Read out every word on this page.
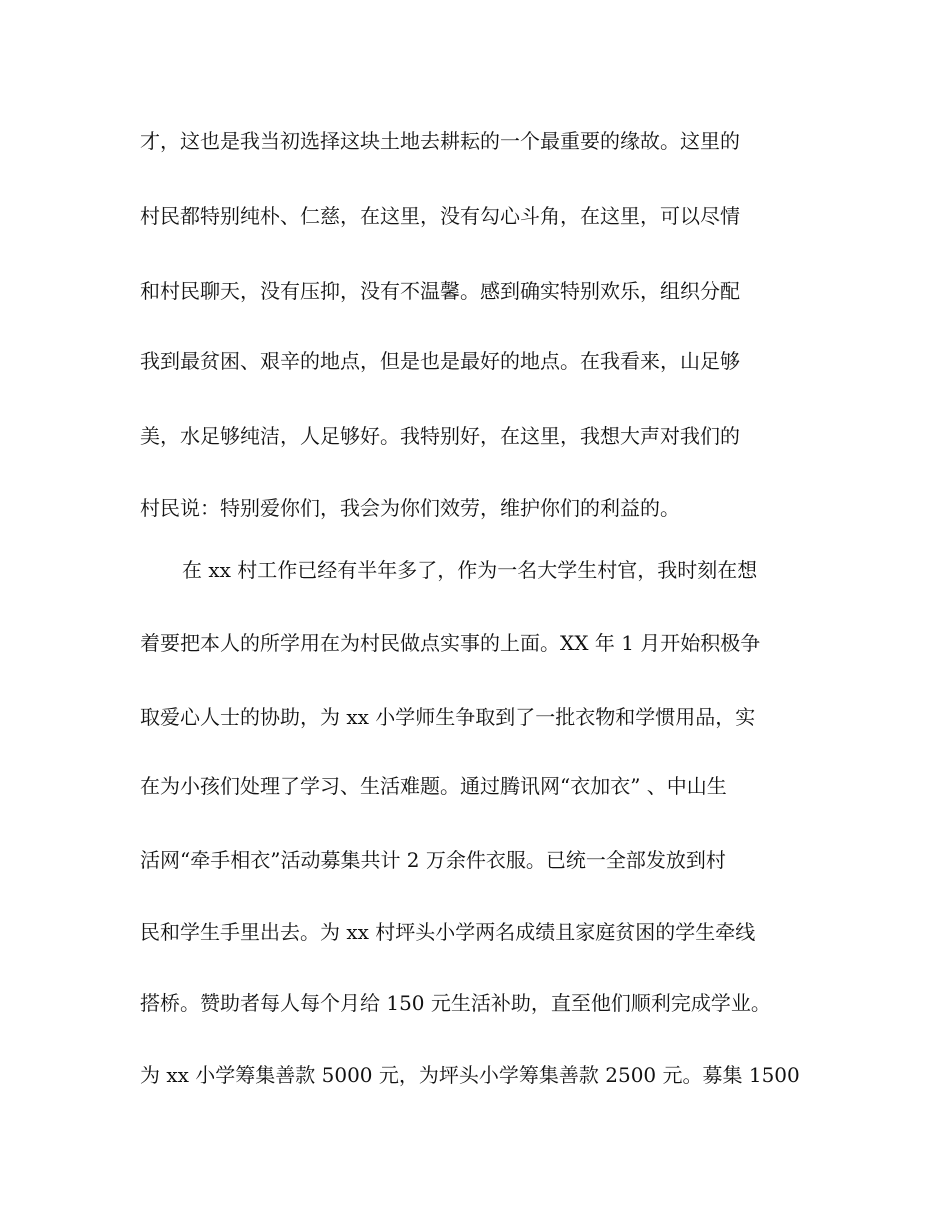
才，这也是我当初选择这块土地去耕耘的一个最重要的缘故。这里的
村民都特别纯朴、仁慈，在这里，没有勾心斗角，在这里，可以尽情
和村民聊天，没有压抑，没有不温馨。感到确实特别欢乐，组织分配
我到最贫困、艰辛的地点，但是也是最好的地点。在我看来，山足够
美，水足够纯洁，人足够好。我特别好，在这里，我想大声对我们的
村民说：特别爱你们，我会为你们效劳，维护你们的利益的。
在 xx 村工作已经有半年多了，作为一名大学生村官，我时刻在想
着要把本人的所学用在为村民做点实事的上面。XX 年 1 月开始积极争
取爱心人士的协助，为 xx 小学师生争取到了一批衣物和学惯用品，实
在为小孩们处理了学习、生活难题。通过腾讯网“衣加衣” 、中山生
活网“牵手相衣”活动募集共计 2 万余件衣服。已统一全部发放到村
民和学生手里出去。为 xx 村坪头小学两名成绩且家庭贫困的学生牵线
搭桥。赞助者每人每个月给 150 元生活补助，直至他们顺利完成学业。
为 xx 小学筹集善款 5000 元，为坪头小学筹集善款 2500 元。募集 1500
